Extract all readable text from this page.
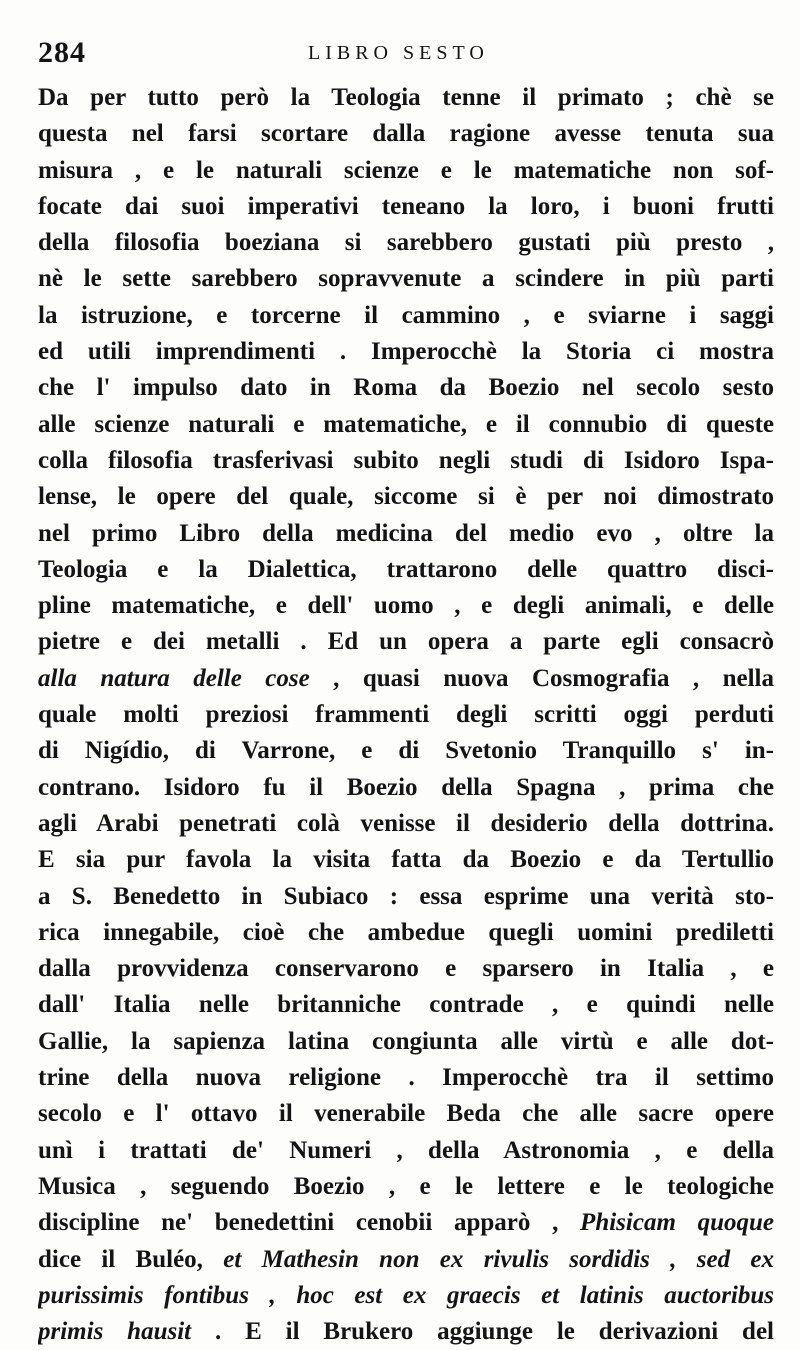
284	LIBRO SESTO
Da per tutto però la Teologia tenne il primato ; chè se
questa nel farsi scortare dalla ragione avesse tenuta sua
misura , e le naturali scienze e le matematiche non sof-
focate dai suoi imperativi teneano la loro, i buoni frutti
della filosofia boeziana si sarebbero gustati più presto ,
nè le sette sarebbero sopravvenute a scindere in più parti
la istruzione, e torcerne il cammino , e sviarne i saggi
ed utili imprendimenti . Imperocchè la Storia ci mostra
che l' impulso dato in Roma da Boezio nel secolo sesto
alle scienze naturali e matematiche, e il connubio di queste
colla filosofia trasferivasi subito negli studi di Isidoro Ispa-
lense, le opere del quale, siccome si è per noi dimostrato
nel primo Libro della medicina del medio evo , oltre la
Teologia e la Dialettica, trattarono delle quattro disci-
pline matematiche, e dell' uomo , e degli animali, e delle
pietre e dei metalli . Ed un opera a parte egli consacrò
alla natura delle cose , quasi nuova Cosmografia , nella
quale molti preziosi frammenti degli scritti oggi perduti
di Nigídio, di Varrone, e di Svetonio Tranquillo s' in-
contrano. Isidoro fu il Boezio della Spagna , prima che
agli Arabi penetrati colà venisse il desiderio della dottrina.
E sia pur favola la visita fatta da Boezio e da Tertullio
a S. Benedetto in Subiaco : essa esprime una verità sto-
rica innegabile, cioè che ambedue quegli uomini prediletti
dalla provvidenza conservarono e sparsero in Italia , e
dall' Italia nelle britanniche contrade , e quindi nelle
Gallie, la sapienza latina congiunta alle virtù e alle dot-
trine della nuova religione . Imperocchè tra il settimo
secolo e l' ottavo il venerabile Beda che alle sacre opere
unì i trattati de' Numeri , della Astronomia , e della
Musica , seguendo Boezio , e le lettere e le teologiche
discipline ne' benedettini cenobii apparò , Phisicam quoque
dice il Buléo, et Mathesin non ex rivulis sordidis , sed ex
purissimis fontibus , hoc est ex graecis et latinis auctoribus
primis hausit . E il Brukero aggiunge le derivazioni del
